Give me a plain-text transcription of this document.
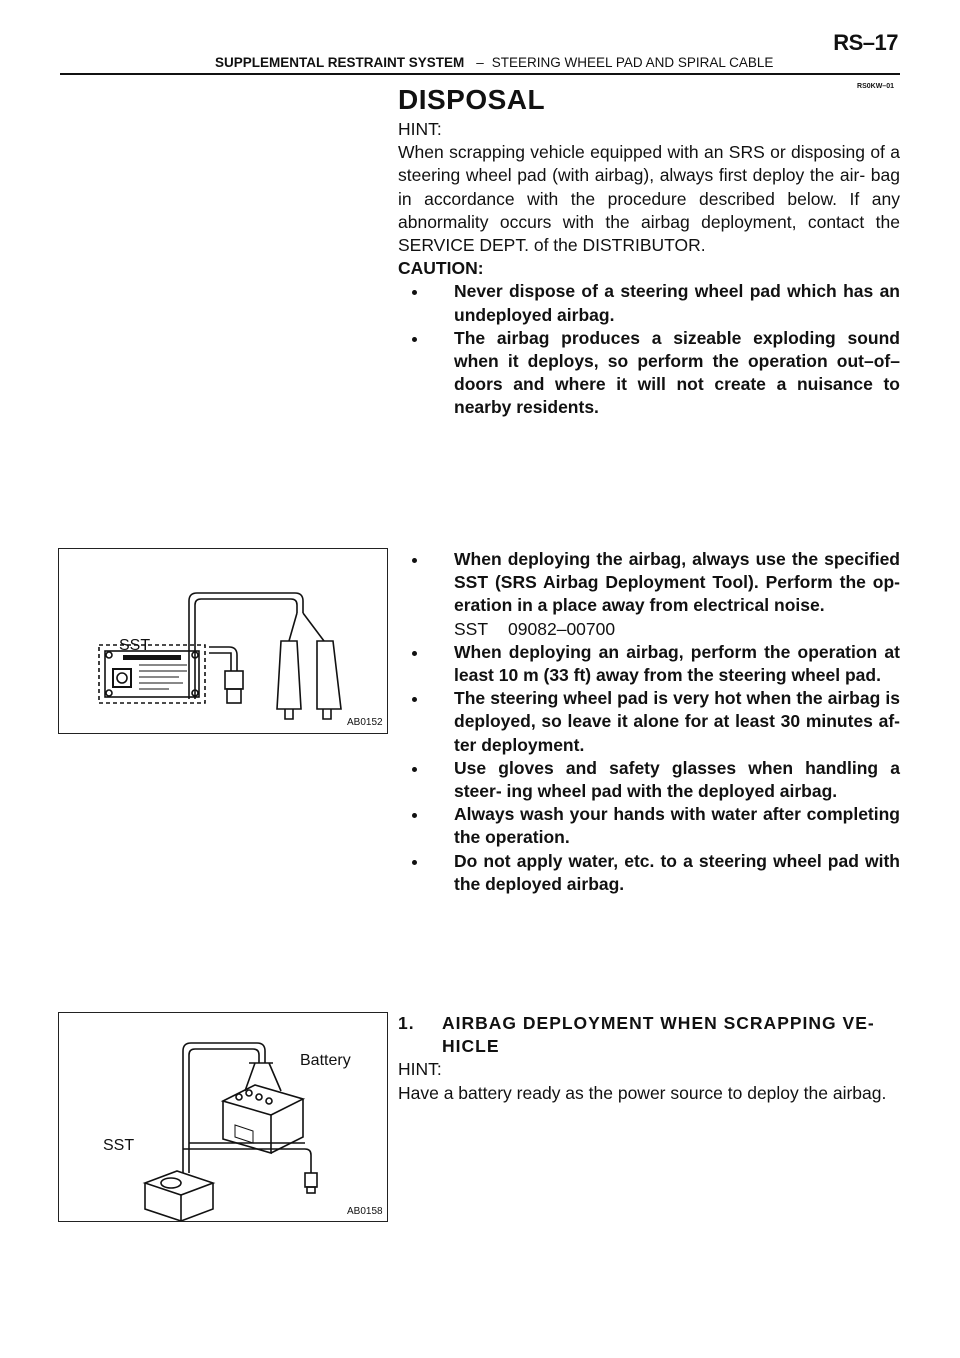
RS–17
SUPPLEMENTAL RESTRAINT SYSTEM – STEERING WHEEL PAD AND SPIRAL CABLE
RS0KW–01
DISPOSAL

HINT:

When scrapping vehicle equipped with an SRS or disposing of a steering wheel pad (with airbag), always first deploy the air- bag in accordance with the procedure described below. If any abnormality occurs with the airbag deployment, contact the SERVICE DEPT. of the DISTRIBUTOR.

CAUTION:

Never dispose of a steering wheel pad which has an undeployed airbag.
The airbag produces a sizeable exploding sound when it deploys, so perform the operation out–of– doors and where it will not create a nuisance to nearby residents.
SST
AB0152
When deploying the airbag, always use the specified SST (SRS Airbag Deployment Tool). Perform the op- eration in a place away from electrical noise.
SST 09082–00700
When deploying an airbag, perform the operation at least 10 m (33 ft) away from the steering wheel pad.
The steering wheel pad is very hot when the airbag is deployed, so leave it alone for at least 30 minutes af- ter deployment.
Use gloves and safety glasses when handling a steer- ing wheel pad with the deployed airbag.
Always wash your hands with water after completing the operation.
Do not apply water, etc. to a steering wheel pad with the deployed airbag.
Battery
SST
AB0158
1.	AIRBAG DEPLOYMENT WHEN SCRAPPING VE- HICLE

HINT:

Have a battery ready as the power source to deploy the airbag.
